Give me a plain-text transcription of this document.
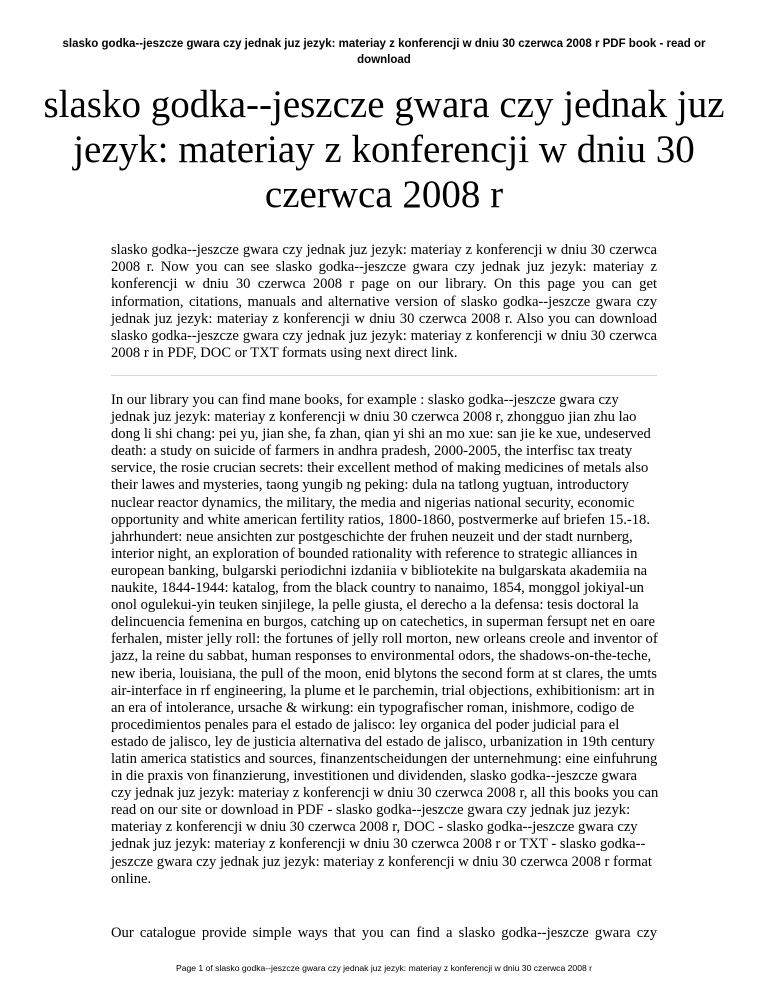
slasko godka--jeszcze gwara czy jednak juz jezyk: materiay z konferencji w dniu 30 czerwca 2008 r PDF book - read or download
slasko godka--jeszcze gwara czy jednak juz jezyk: materiay z konferencji w dniu 30 czerwca 2008 r

slasko godka--jeszcze gwara czy jednak juz jezyk: materiay z konferencji w dniu 30 czerwca 2008 r. Now you can see slasko godka--jeszcze gwara czy jednak juz jezyk: materiay z konferencji w dniu 30 czerwca 2008 r page on our library. On this page you can get information, citations, manuals and alternative version of slasko godka--jeszcze gwara czy jednak juz jezyk: materiay z konferencji w dniu 30 czerwca 2008 r. Also you can download slasko godka--jeszcze gwara czy jednak juz jezyk: materiay z konferencji w dniu 30 czerwca 2008 r in PDF, DOC or TXT formats using next direct link.

In our library you can find mane books, for example : slasko godka--jeszcze gwara czy jednak juz jezyk: materiay z konferencji w dniu 30 czerwca 2008 r, zhongguo jian zhu lao dong li shi chang: pei yu, jian she, fa zhan, qian yi shi an mo xue: san jie ke xue, undeserved death: a study on suicide of farmers in andhra pradesh, 2000-2005, the interfisc tax treaty service, the rosie crucian secrets: their excellent method of making medicines of metals also their lawes and mysteries, taong yungib ng peking: dula na tatlong yugtuan, introductory nuclear reactor dynamics, the military, the media and nigerias national security, economic opportunity and white american fertility ratios, 1800-1860, postvermerke auf briefen 15.-18. jahrhundert: neue ansichten zur postgeschichte der fruhen neuzeit und der stadt nurnberg, interior night, an exploration of bounded rationality with reference to strategic alliances in european banking, bulgarski periodichni izdaniia v bibliotekite na bulgarskata akademiia na naukite, 1844-1944: katalog, from the black country to nanaimo, 1854, monggol jokiyal-un onol ogulekui-yin teuken sinjilege, la pelle giusta, el derecho a la defensa: tesis doctoral la delincuencia femenina en burgos, catching up on catechetics, in superman fersupt net en oare ferhalen, mister jelly roll: the fortunes of jelly roll morton, new orleans creole and inventor of jazz, la reine du sabbat, human responses to environmental odors, the shadows-on-the-teche, new iberia, louisiana, the pull of the moon, enid blytons the second form at st clares, the umts air-interface in rf engineering, la plume et le parchemin, trial objections, exhibitionism: art in an era of intolerance, ursache & wirkung: ein typografischer roman, inishmore, codigo de procedimientos penales para el estado de jalisco: ley organica del poder judicial para el estado de jalisco, ley de justicia alternativa del estado de jalisco, urbanization in 19th century latin america statistics and sources, finanzentscheidungen der unternehmung: eine einfuhrung in die praxis von finanzierung, investitionen und dividenden, slasko godka--jeszcze gwara czy jednak juz jezyk: materiay z konferencji w dniu 30 czerwca 2008 r, all this books you can read on our site or download in PDF - slasko godka--jeszcze gwara czy jednak juz jezyk: materiay z konferencji w dniu 30 czerwca 2008 r, DOC - slasko godka--jeszcze gwara czy jednak juz jezyk: materiay z konferencji w dniu 30 czerwca 2008 r or TXT - slasko godka--jeszcze gwara czy jednak juz jezyk: materiay z konferencji w dniu 30 czerwca 2008 r format online.

Our catalogue provide simple ways that you can find a slasko godka--jeszcze gwara czy

Page 1 of slasko godka--jeszcze gwara czy jednak juz jezyk: materiay z konferencji w dniu 30 czerwca 2008 r
